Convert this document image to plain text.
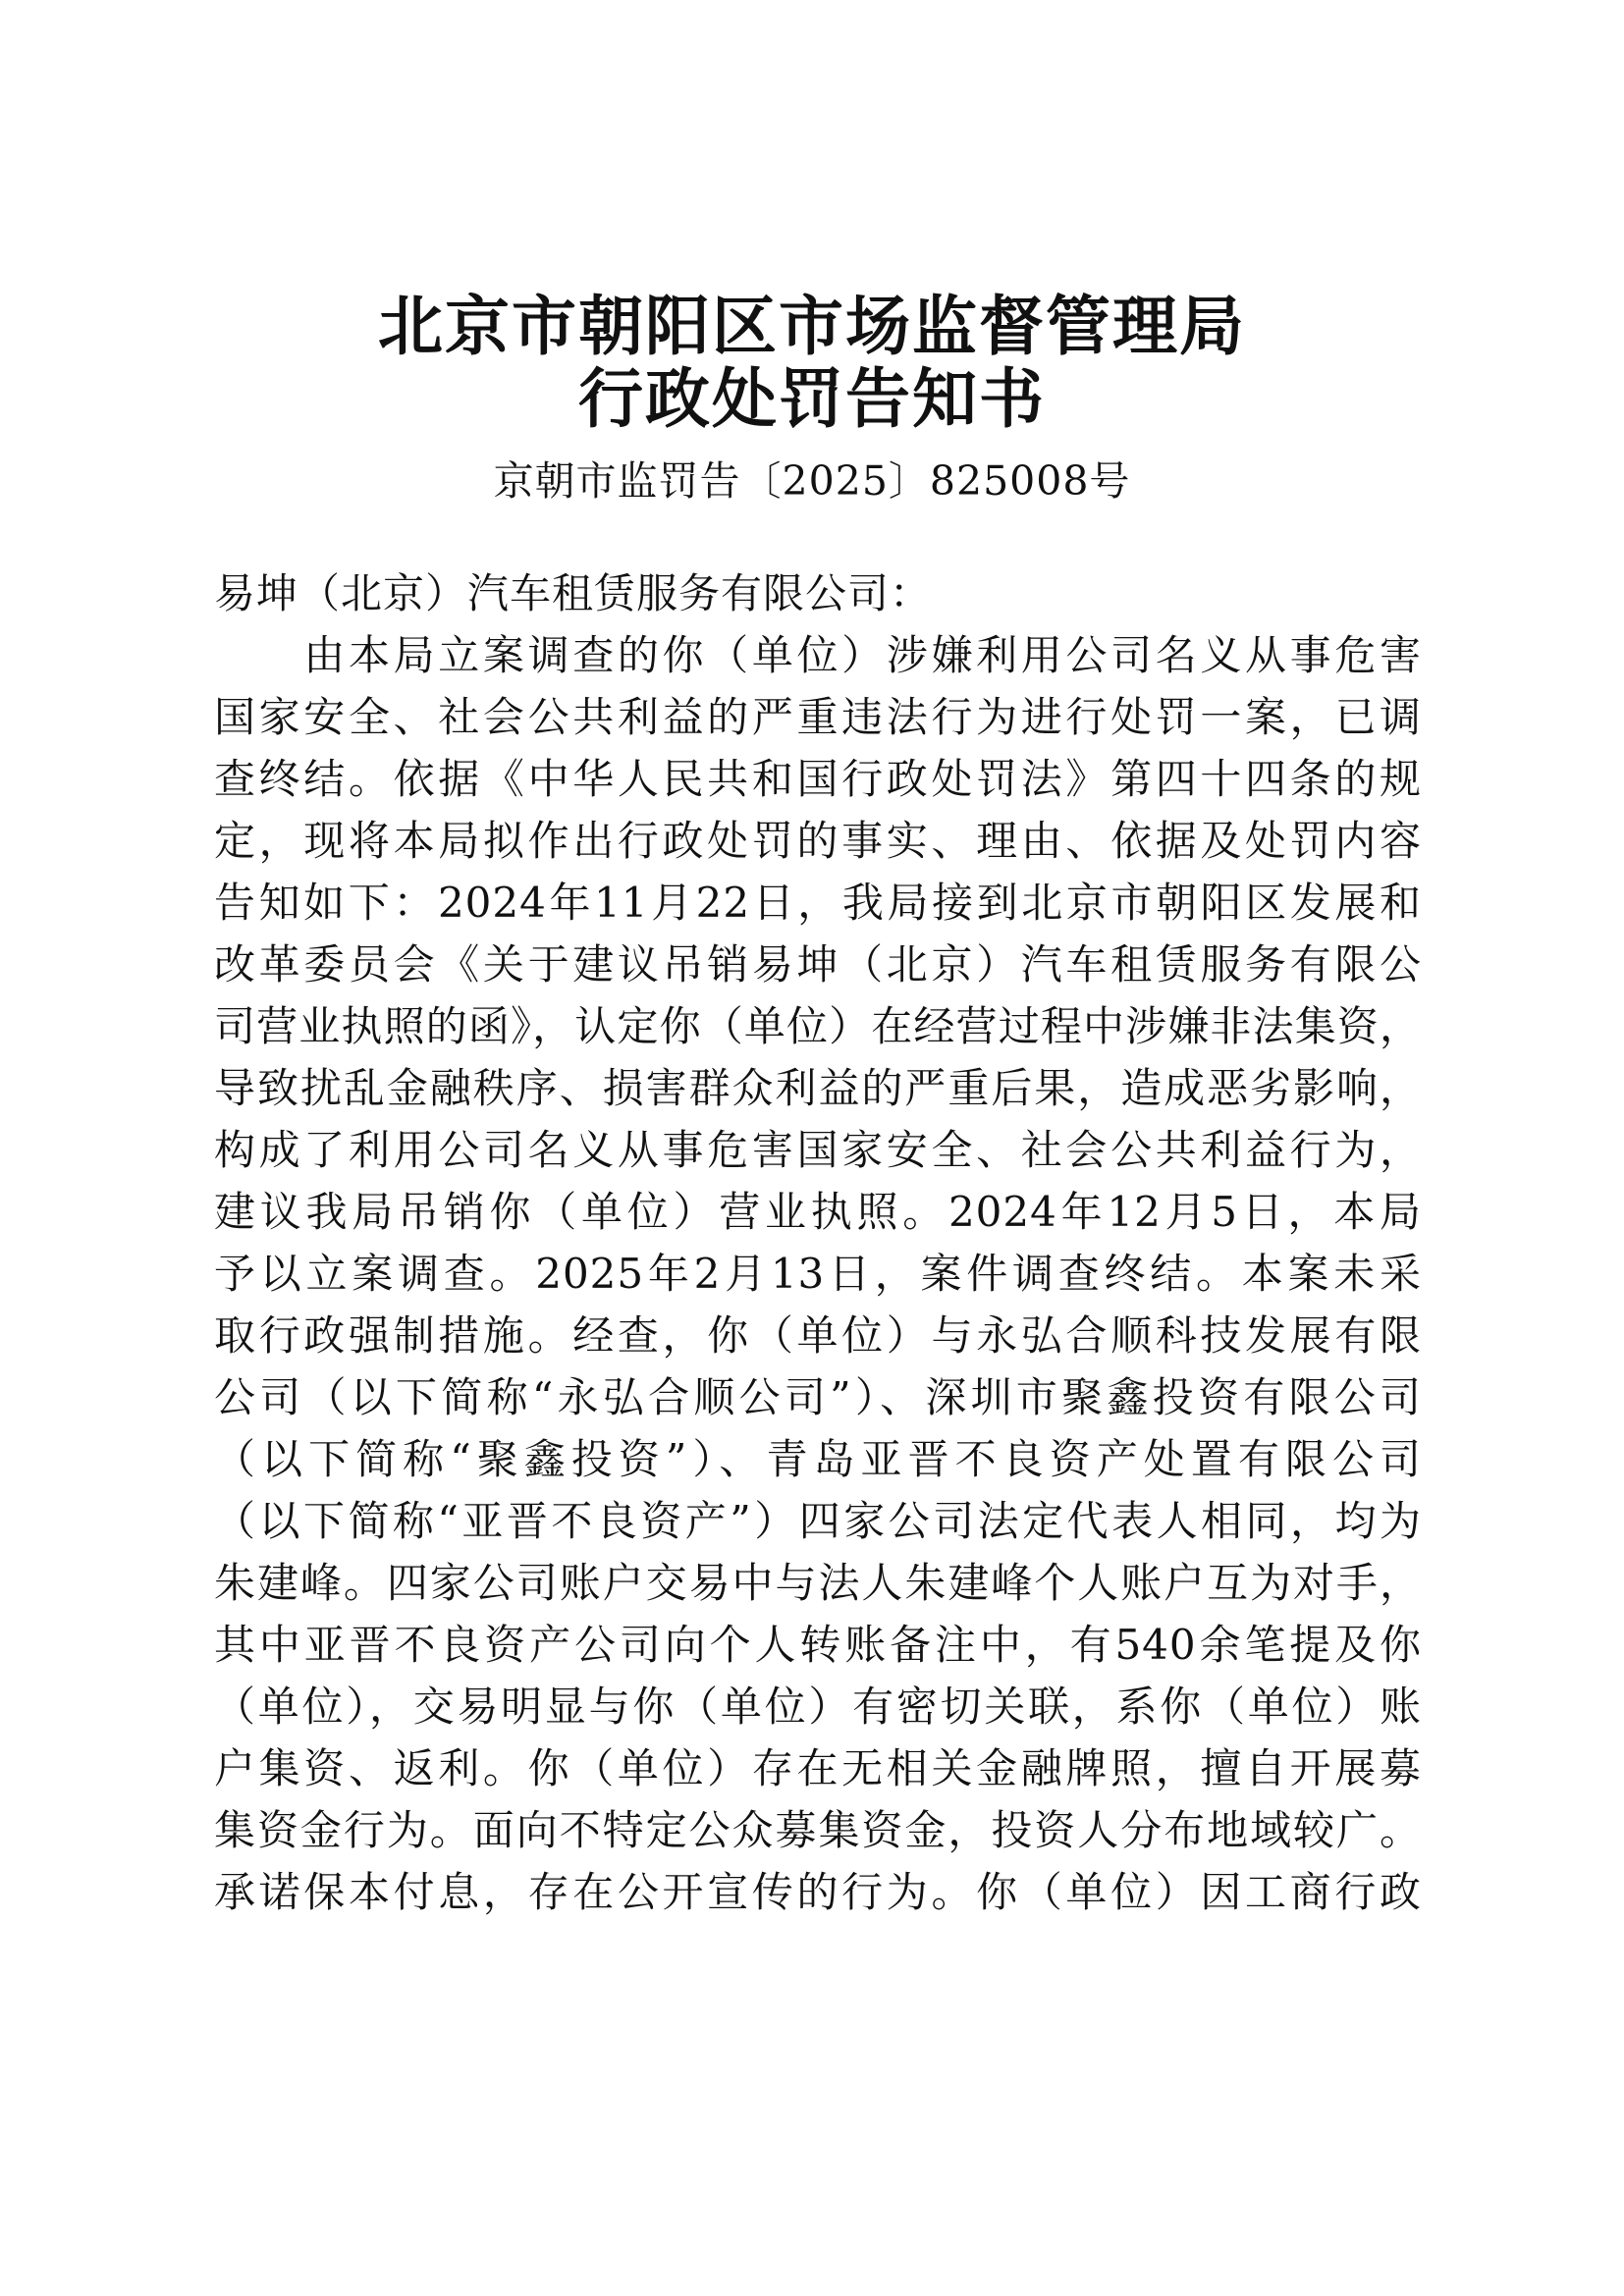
北京市朝阳区市场监督管理局
行政处罚告知书
京朝市监罚告〔2025〕825008号
易坤（北京）汽车租赁服务有限公司：
　　由本局立案调查的你（单位）涉嫌利用公司名义从事危害
国家安全、社会公共利益的严重违法行为进行处罚一案，已调
查终结。依据《中华人民共和国行政处罚法》第四十四条的规
定，现将本局拟作出行政处罚的事实、理由、依据及处罚内容
告知如下：2024年11月22日，我局接到北京市朝阳区发展和
改革委员会《关于建议吊销易坤（北京）汽车租赁服务有限公
司营业执照的函》，认定你（单位）在经营过程中涉嫌非法集资，
导致扰乱金融秩序、损害群众利益的严重后果，造成恶劣影响，
构成了利用公司名义从事危害国家安全、社会公共利益行为，
建议我局吊销你（单位）营业执照。2024年12月5日，本局
予以立案调查。2025年2月13日，案件调查终结。本案未采
取行政强制措施。经查，你（单位）与永弘合顺科技发展有限
公司（以下简称“永弘合顺公司”）、深圳市聚鑫投资有限公司
（以下简称“聚鑫投资”）、青岛亚晋不良资产处置有限公司
（以下简称“亚晋不良资产”）四家公司法定代表人相同，均为
朱建峰。四家公司账户交易中与法人朱建峰个人账户互为对手，
其中亚晋不良资产公司向个人转账备注中，有540余笔提及你
（单位），交易明显与你（单位）有密切关联，系你（单位）账
户集资、返利。你（单位）存在无相关金融牌照，擅自开展募
集资金行为。面向不特定公众募集资金，投资人分布地域较广。
承诺保本付息，存在公开宣传的行为。你（单位）因工商行政
